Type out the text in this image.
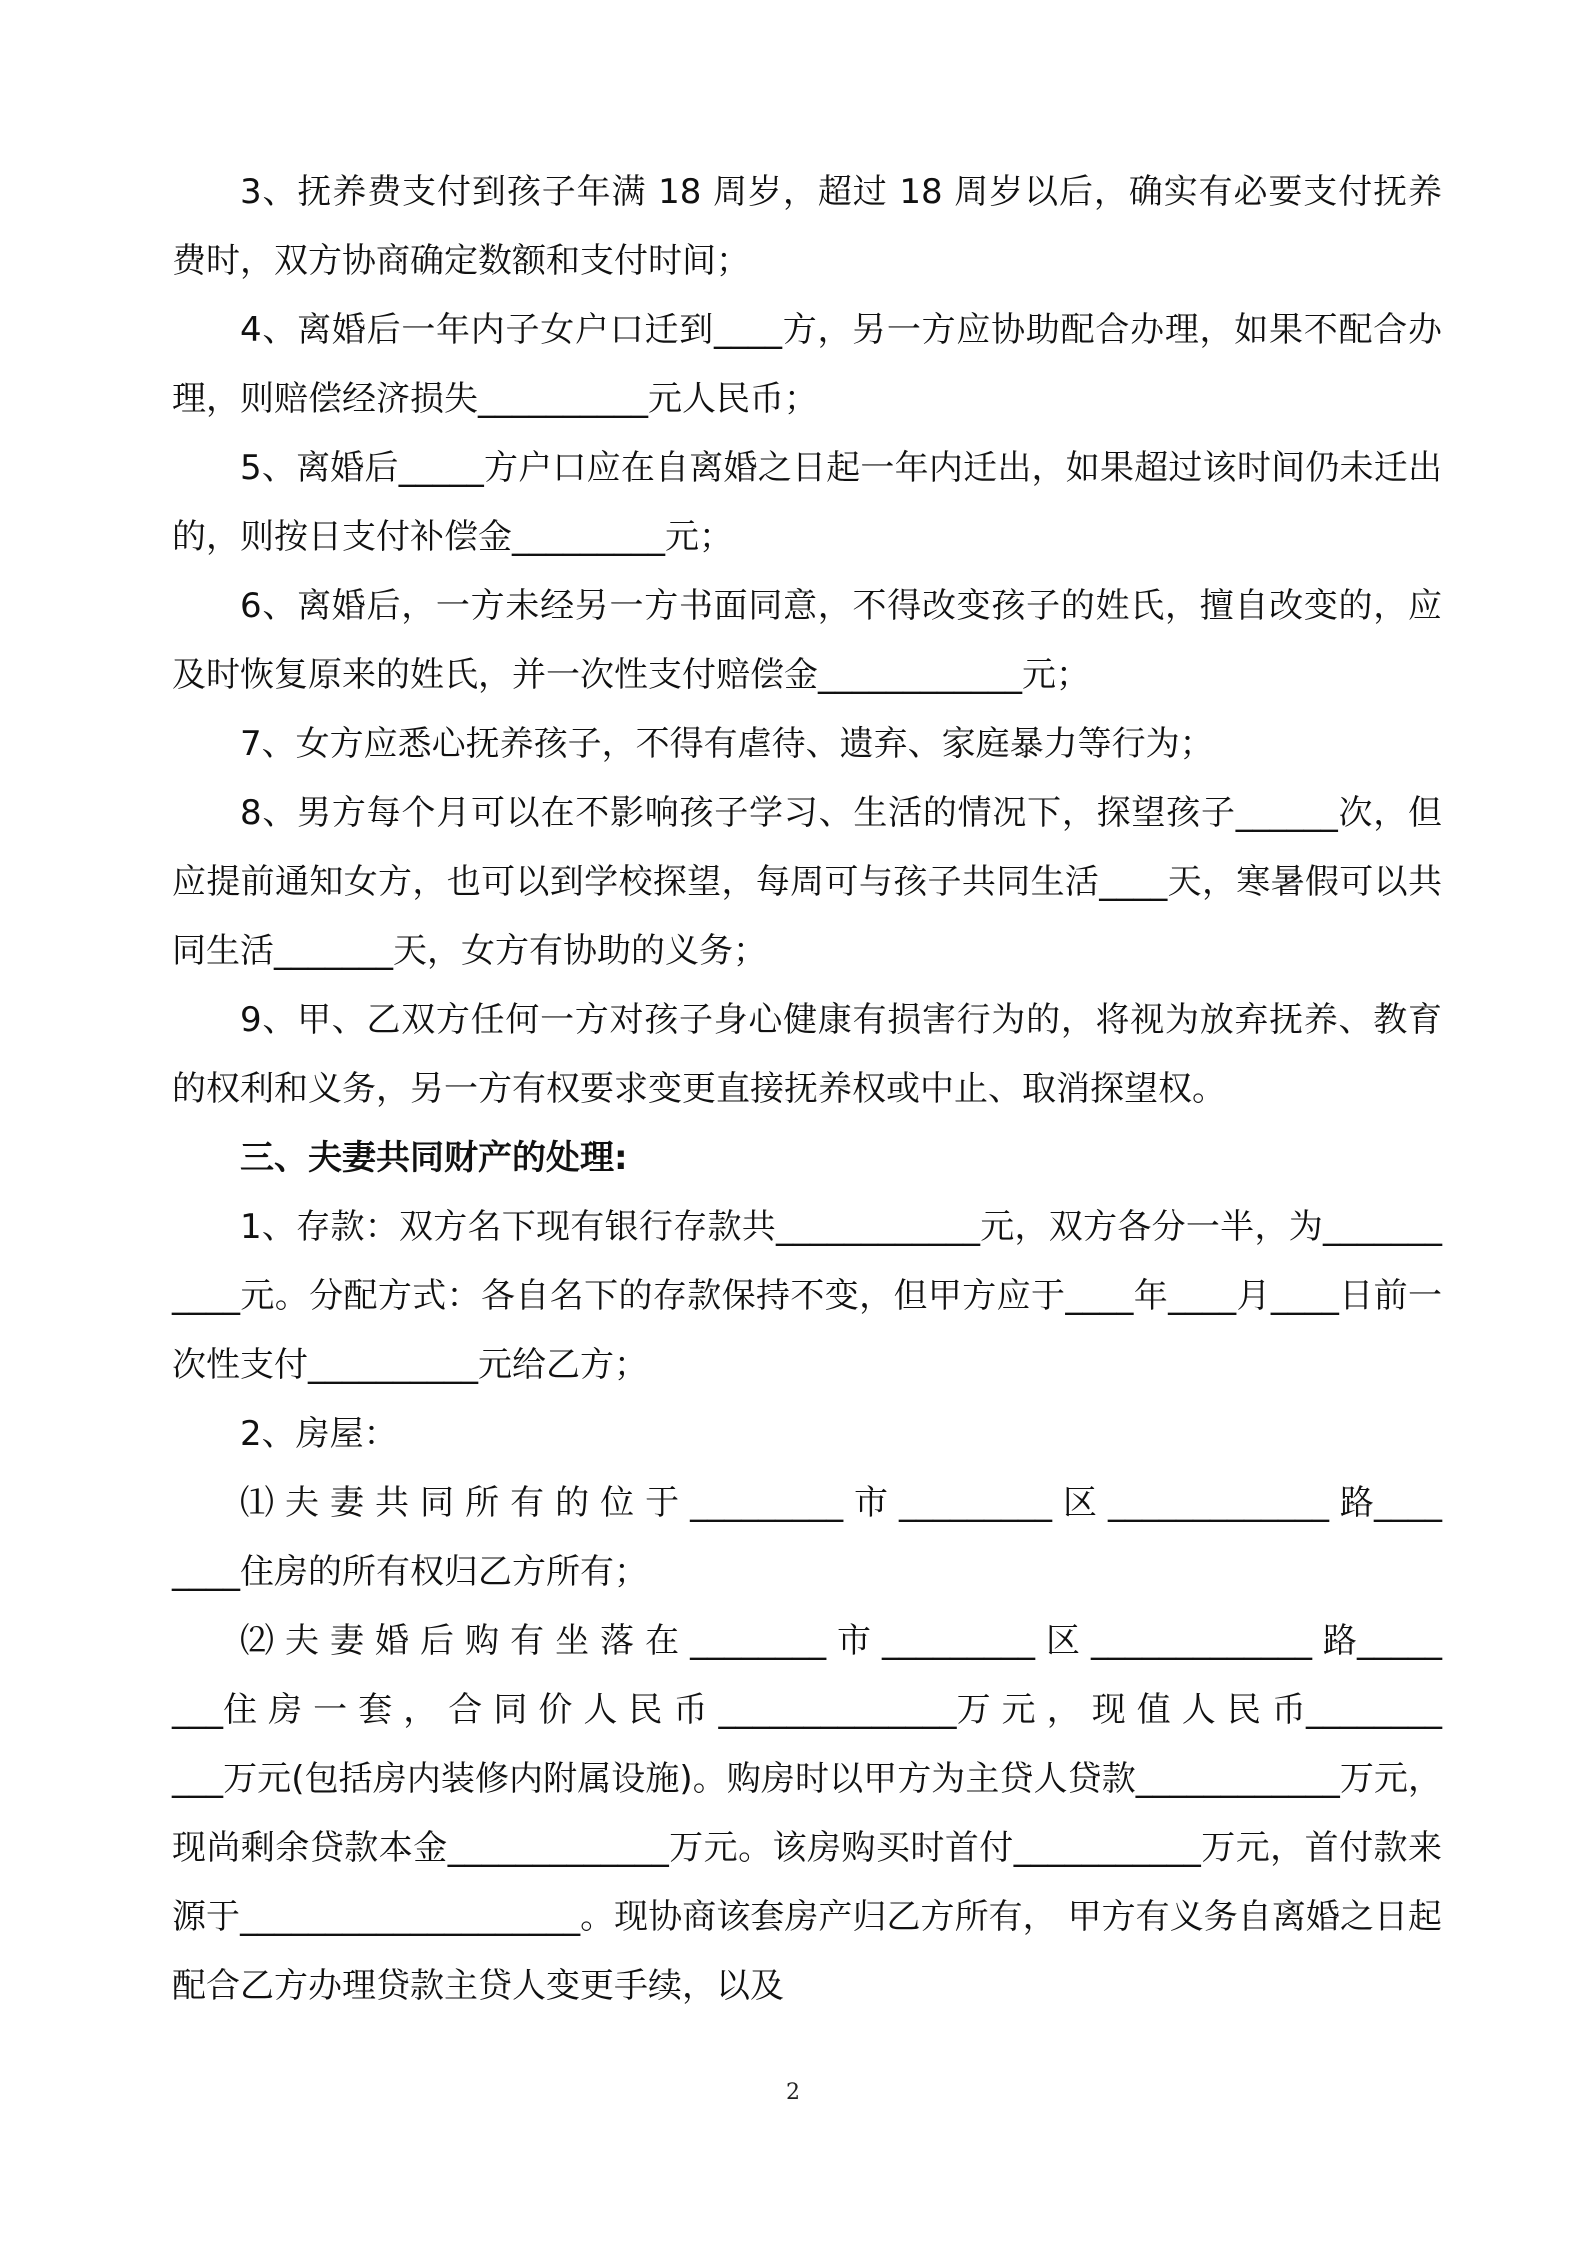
3、抚养费支付到孩子年满 18 周岁，超过 18 周岁以后，确实有必要支付抚养费时，双方协商确定数额和支付时间；

4、离婚后一年内子女户口迁到____方，另一方应协助配合办理，如果不配合办理，则赔偿经济损失__________元人民币；

5、离婚后_____方户口应在自离婚之日起一年内迁出，如果超过该时间仍未迁出的，则按日支付补偿金_________元；

6、离婚后，一方未经另一方书面同意，不得改变孩子的姓氏，擅自改变的，应及时恢复原来的姓氏，并一次性支付赔偿金____________元；

7、女方应悉心抚养孩子，不得有虐待、遗弃、家庭暴力等行为；

8、男方每个月可以在不影响孩子学习、生活的情况下，探望孩子______次，但应提前通知女方，也可以到学校探望，每周可与孩子共同生活____天，寒暑假可以共同生活_______天，女方有协助的义务；

9、甲、乙双方任何一方对孩子身心健康有损害行为的，将视为放弃抚养、教育的权利和义务，另一方有权要求变更直接抚养权或中止、取消探望权。

三、夫妻共同财产的处理:

1、存款：双方名下现有银行存款共____________元，双方各分一半，为___________元。分配方式：各自名下的存款保持不变，但甲方应于____年____月____日前一次性支付__________元给乙方；

2、房屋：

⑴ 夫 妻 共 同 所 有 的 位 于 _________ 市 _________ 区 _____________ 路________住房的所有权归乙方所有；

⑵ 夫 妻 婚 后 购 有 坐 落 在 ________ 市 _________ 区 _____________ 路________住 房 一 套 ， 合 同 价 人 民 币 ______________万 元 ， 现 值 人 民 币___________万元(包括房内装修内附属设施)。购房时以甲方为主贷人贷款____________万元，现尚剩余贷款本金_____________万元。该房购买时首付___________万元，首付款来源于____________________。现协商该套房产归乙方所有， 甲方有义务自离婚之日起配合乙方办理贷款主贷人变更手续，以及

2
